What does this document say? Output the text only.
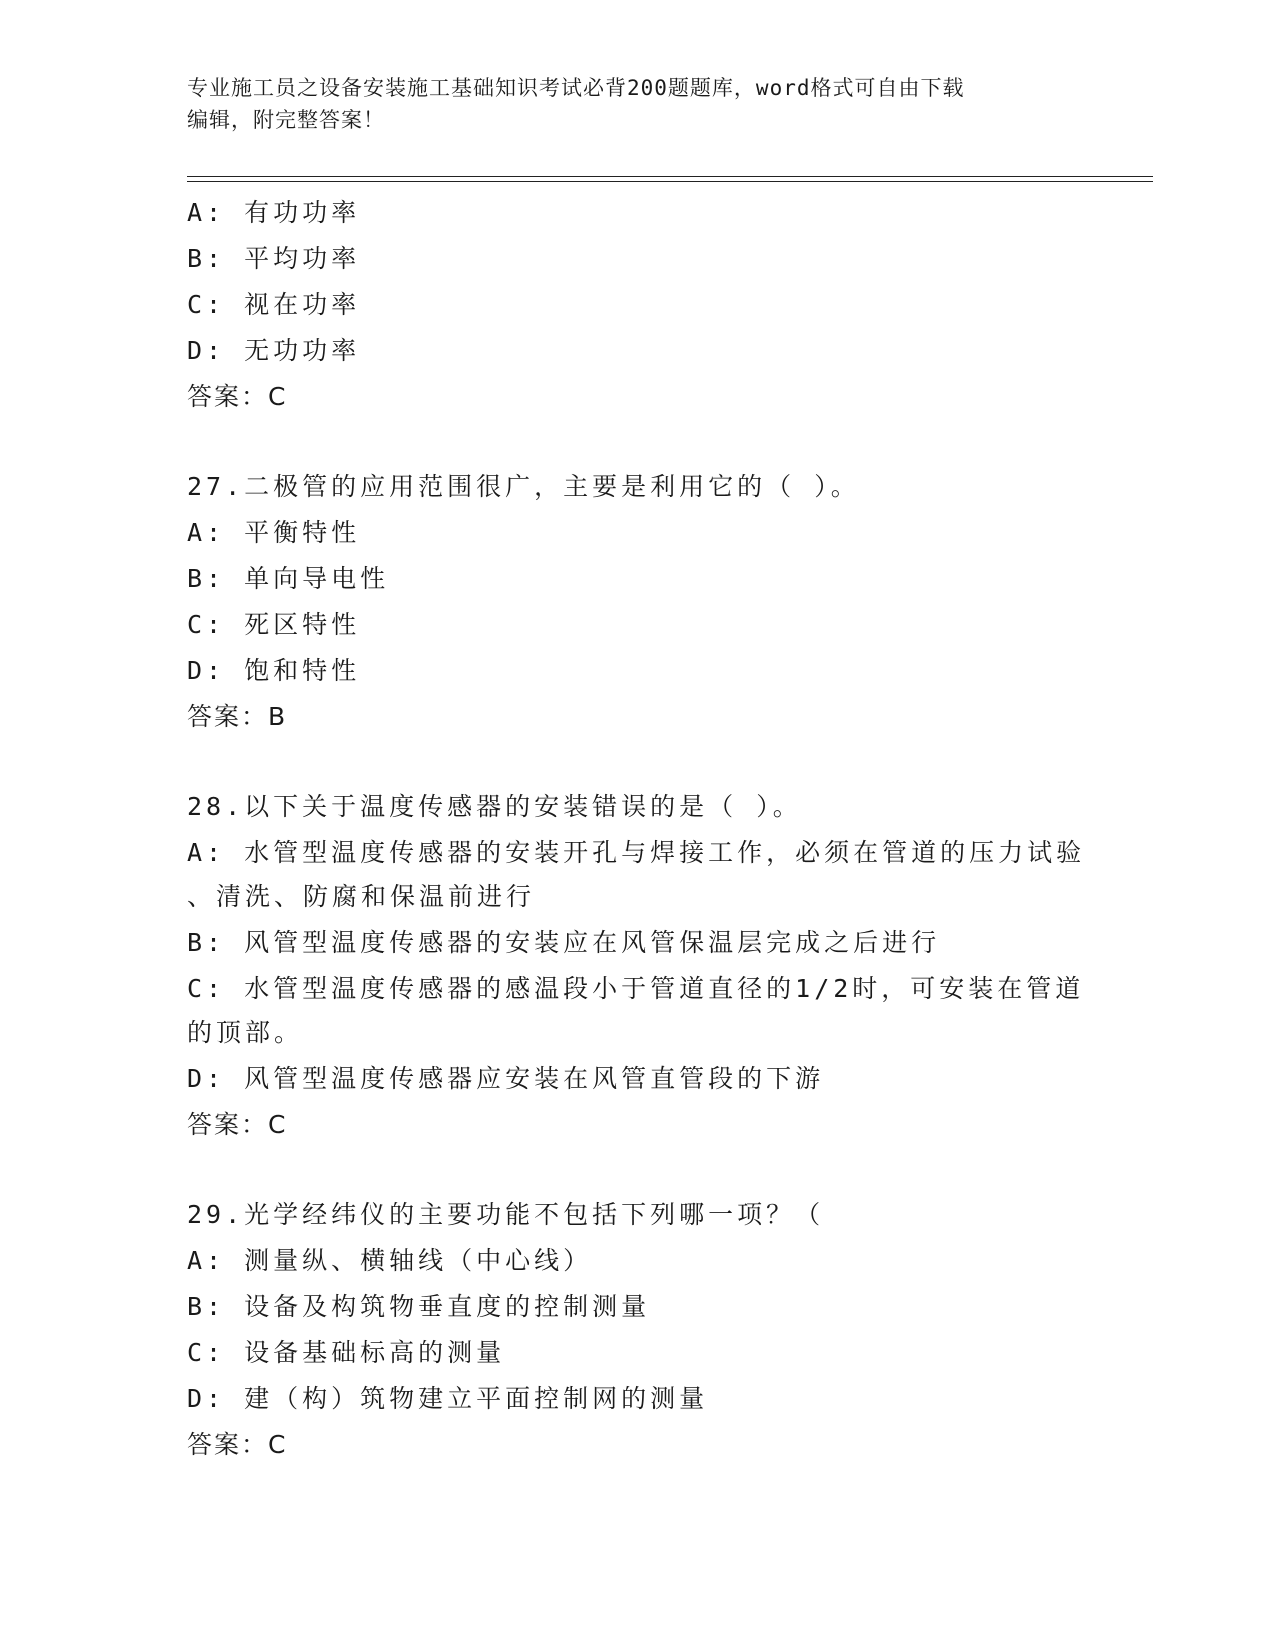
专业施工员之设备安装施工基础知识考试必背200题题库，word格式可自由下载
编辑，附完整答案！
A: 有功功率
B: 平均功率
C: 视在功率
D: 无功功率
答案：C
27.二极管的应用范围很广，主要是利用它的（ ）。
A: 平衡特性
B: 单向导电性
C: 死区特性
D: 饱和特性
答案：B
28.以下关于温度传感器的安装错误的是（ ）。
A: 水管型温度传感器的安装开孔与焊接工作，必须在管道的压力试验
、清洗、防腐和保温前进行
B: 风管型温度传感器的安装应在风管保温层完成之后进行
C: 水管型温度传感器的感温段小于管道直径的1/2时，可安装在管道
的顶部。
D: 风管型温度传感器应安装在风管直管段的下游
答案：C
29.光学经纬仪的主要功能不包括下列哪一项？（
A: 测量纵、横轴线（中心线）
B: 设备及构筑物垂直度的控制测量
C: 设备基础标高的测量
D: 建（构）筑物建立平面控制网的测量
答案：C
